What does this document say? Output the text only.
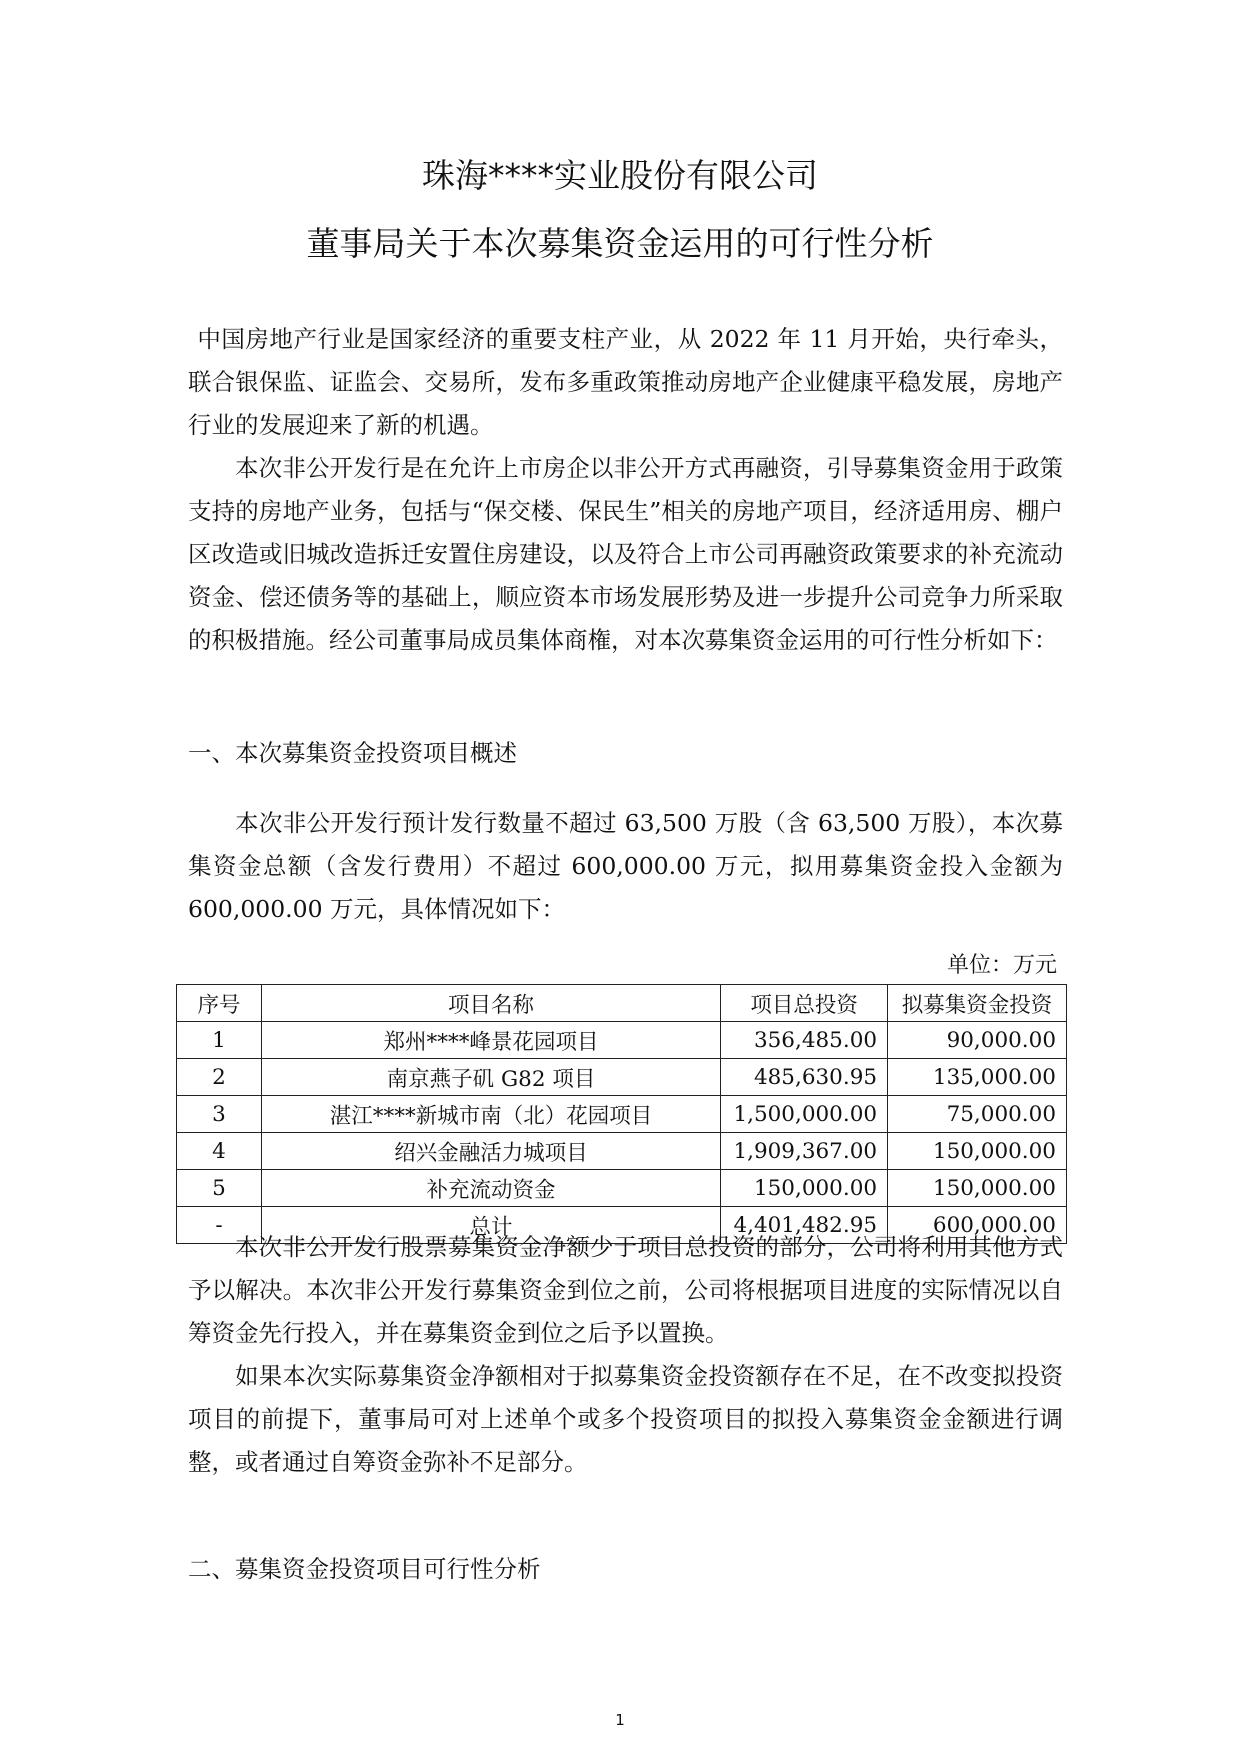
珠海****实业股份有限公司
董事局关于本次募集资金运用的可行性分析

中国房地产行业是国家经济的重要支柱产业，从 2022 年 11 月开始，央行牵头，联合银保监、证监会、交易所，发布多重政策推动房地产企业健康平稳发展，房地产行业的发展迎来了新的机遇。

本次非公开发行是在允许上市房企以非公开方式再融资，引导募集资金用于政策支持的房地产业务，包括与“保交楼、保民生”相关的房地产项目，经济适用房、棚户区改造或旧城改造拆迁安置住房建设，以及符合上市公司再融资政策要求的补充流动资金、偿还债务等的基础上，顺应资本市场发展形势及进一步提升公司竞争力所采取的积极措施。经公司董事局成员集体商権，对本次募集资金运用的可行性分析如下：

一、本次募集资金投资项目概述

本次非公开发行预计发行数量不超过 63,500 万股（含 63,500 万股），本次募集资金总额（含发行费用）不超过 600,000.00 万元，拟用募集资金投入金额为 600,000.00 万元，具体情况如下：

单位：万元
序号	项目名称	项目总投资	拟募集资金投资
1	郑州****峰景花园项目	356,485.00	90,000.00
2	南京燕子矶 G82 项目	485,630.95	135,000.00
3	湛江****新城市南（北）花园项目	1,500,000.00	75,000.00
4	绍兴金融活力城项目	1,909,367.00	150,000.00
5	补充流动资金	150,000.00	150,000.00
-	总计	4,401,482.95	600,000.00

本次非公开发行股票募集资金净额少于项目总投资的部分，公司将利用其他方式予以解决。本次非公开发行募集资金到位之前，公司将根据项目进度的实际情况以自筹资金先行投入，并在募集资金到位之后予以置换。

如果本次实际募集资金净额相对于拟募集资金投资额存在不足，在不改变拟投资项目的前提下，董事局可对上述单个或多个投资项目的拟投入募集资金金额进行调整，或者通过自筹资金弥补不足部分。

二、募集资金投资项目可行性分析

1
